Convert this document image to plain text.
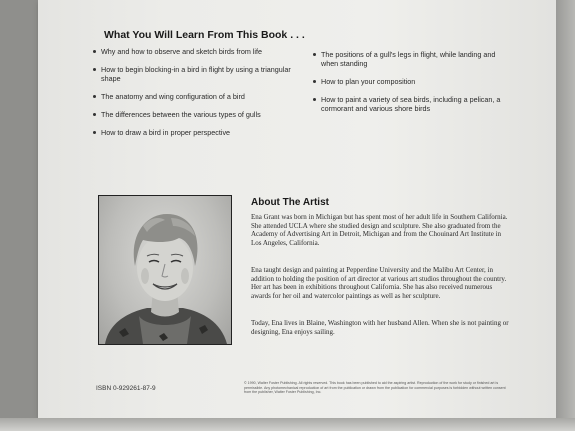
What You Will Learn From This Book . . .
Why and how to observe and sketch birds from life
How to begin blocking-in a bird in flight by using a triangular shape
The anatomy and wing configuration of a bird
The differences between the various types of gulls
How to draw a bird in proper perspective
The positions of a gull's legs in flight, while landing and when standing
How to plan your composition
How to paint a variety of sea birds, including a pelican, a cormorant and various shore birds
About The Artist

Ena Grant was born in Michigan but has spent most of her adult life in Southern California. She attended UCLA where she studied design and sculpture. She also graduated from the Academy of Advertising Art in Detroit, Michigan and from the Chouinard Art Institute in Los Angeles, California.

Ena taught design and painting at Pepperdine University and the Malibu Art Center, in addition to holding the position of art director at various art studios throughout the country. Her art has been in exhibitions throughout California. She has also received numerous awards for her oil and watercolor paintings as well as her sculpture.

Today, Ena lives in Blaine, Washington with her husband Allen. When she is not painting or designing, Ena enjoys sailing.

ISBN 0-929261-87-9
© 1990, Walter Foster Publishing. All rights reserved. This book has been published to aid the aspiring artist. Reproduction of the work for study or finished art is permissible. Any photomechanical reproduction of art from the publication or drawn from the publication for commercial purposes is forbidden without written consent from the publisher, Walter Foster Publishing, Inc.
